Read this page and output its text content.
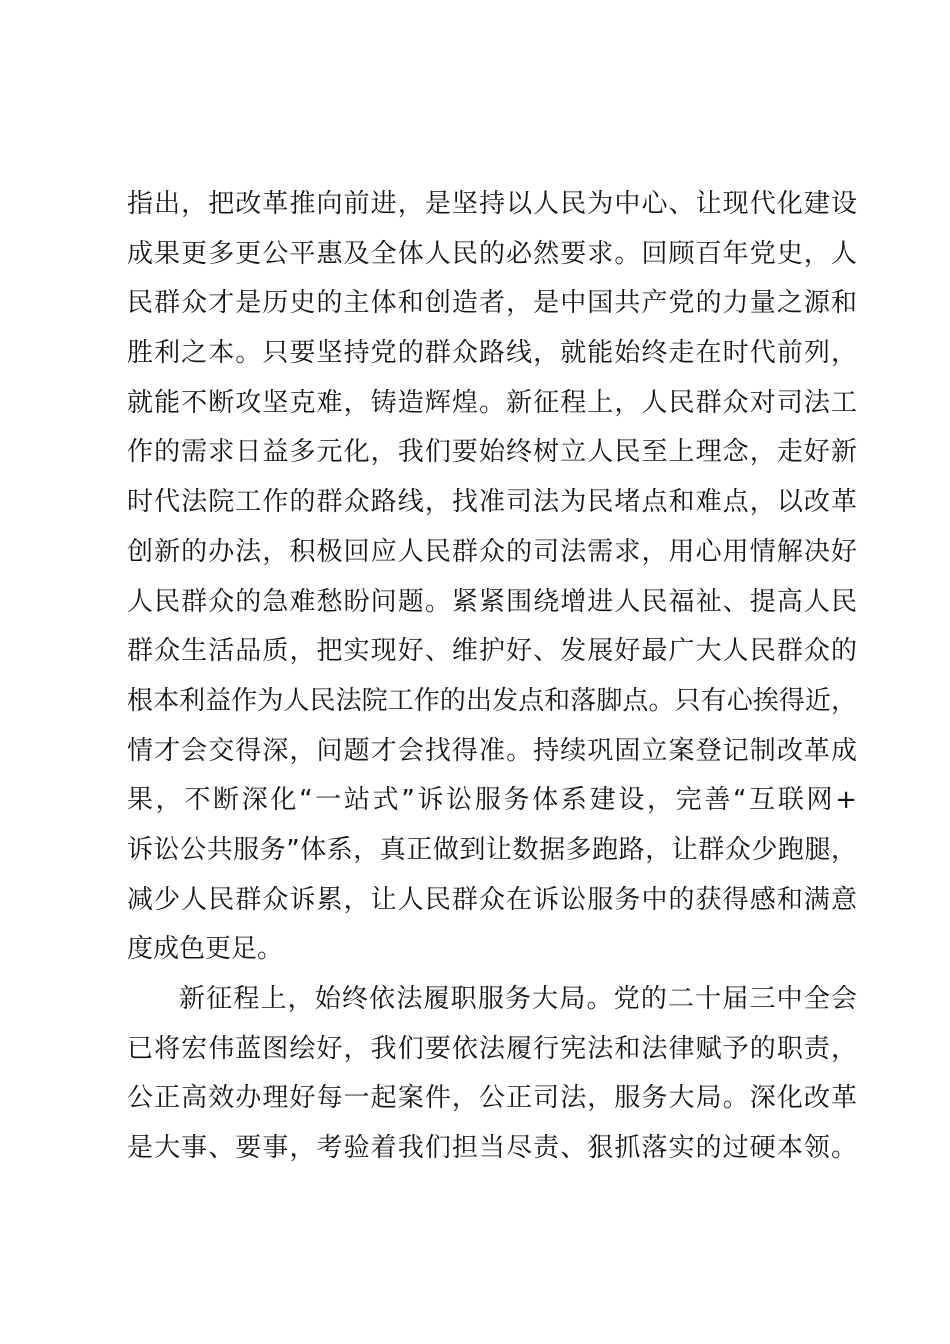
指出，把改革推向前进，是坚持以人民为中心、让现代化建设
成果更多更公平惠及全体人民的必然要求。回顾百年党史，人
民群众才是历史的主体和创造者，是中国共产党的力量之源和
胜利之本。只要坚持党的群众路线，就能始终走在时代前列，
就能不断攻坚克难，铸造辉煌。新征程上，人民群众对司法工
作的需求日益多元化，我们要始终树立人民至上理念，走好新
时代法院工作的群众路线，找准司法为民堵点和难点，以改革
创新的办法，积极回应人民群众的司法需求，用心用情解决好
人民群众的急难愁盼问题。紧紧围绕增进人民福祉、提高人民
群众生活品质，把实现好、维护好、发展好最广大人民群众的
根本利益作为人民法院工作的出发点和落脚点。只有心挨得近，
情才会交得深，问题才会找得准。持续巩固立案登记制改革成
果，不断深化“一站式”诉讼服务体系建设，完善“互联网+
诉讼公共服务”体系，真正做到让数据多跑路，让群众少跑腿，
减少人民群众诉累，让人民群众在诉讼服务中的获得感和满意
度成色更足。
新征程上，始终依法履职服务大局。党的二十届三中全会
已将宏伟蓝图绘好，我们要依法履行宪法和法律赋予的职责，
公正高效办理好每一起案件，公正司法，服务大局。深化改革
是大事、要事，考验着我们担当尽责、狠抓落实的过硬本领。
